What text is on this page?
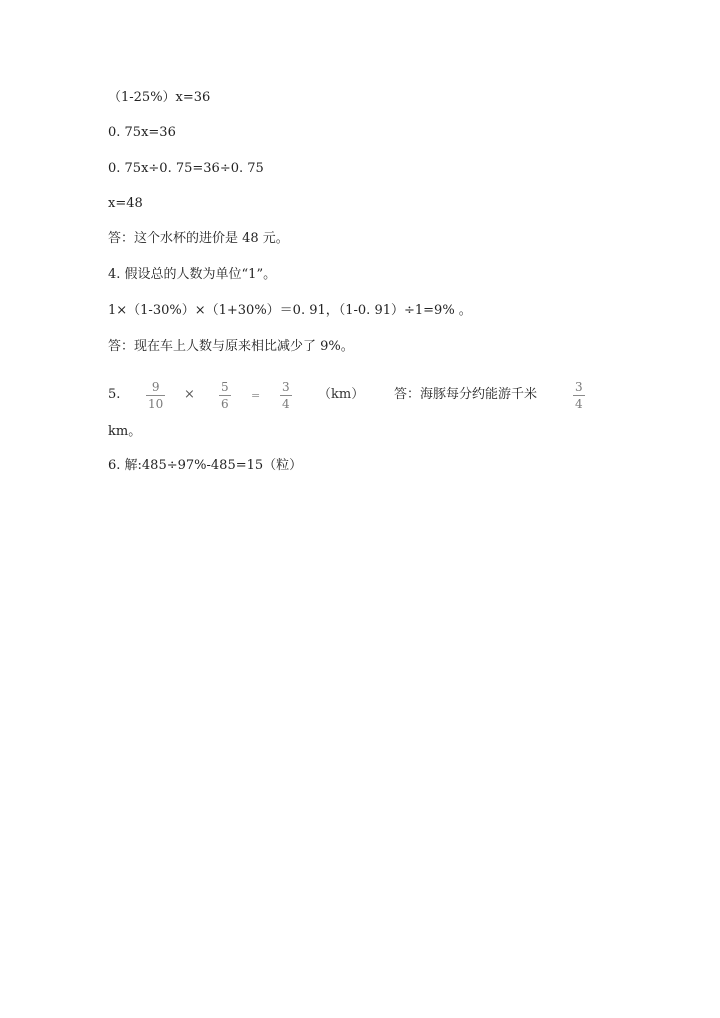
（1-25%）x=36
0. 75x=36
0. 75x÷0. 75=36÷0. 75
x=48
答：这个水杯的进价是 48 元。
4. 假设总的人数为单位“1”。
1×（1-30%）×（1+30%）＝0. 91，（1-0. 91）÷1=9% 。
答：现在车上人数与原来相比减少了 9%。
5.	9
10
× 5
6
=
3
4
（km） 答：海豚每分约能游千米	3
4
km。
6. 解:485÷97%-485=15（粒）
